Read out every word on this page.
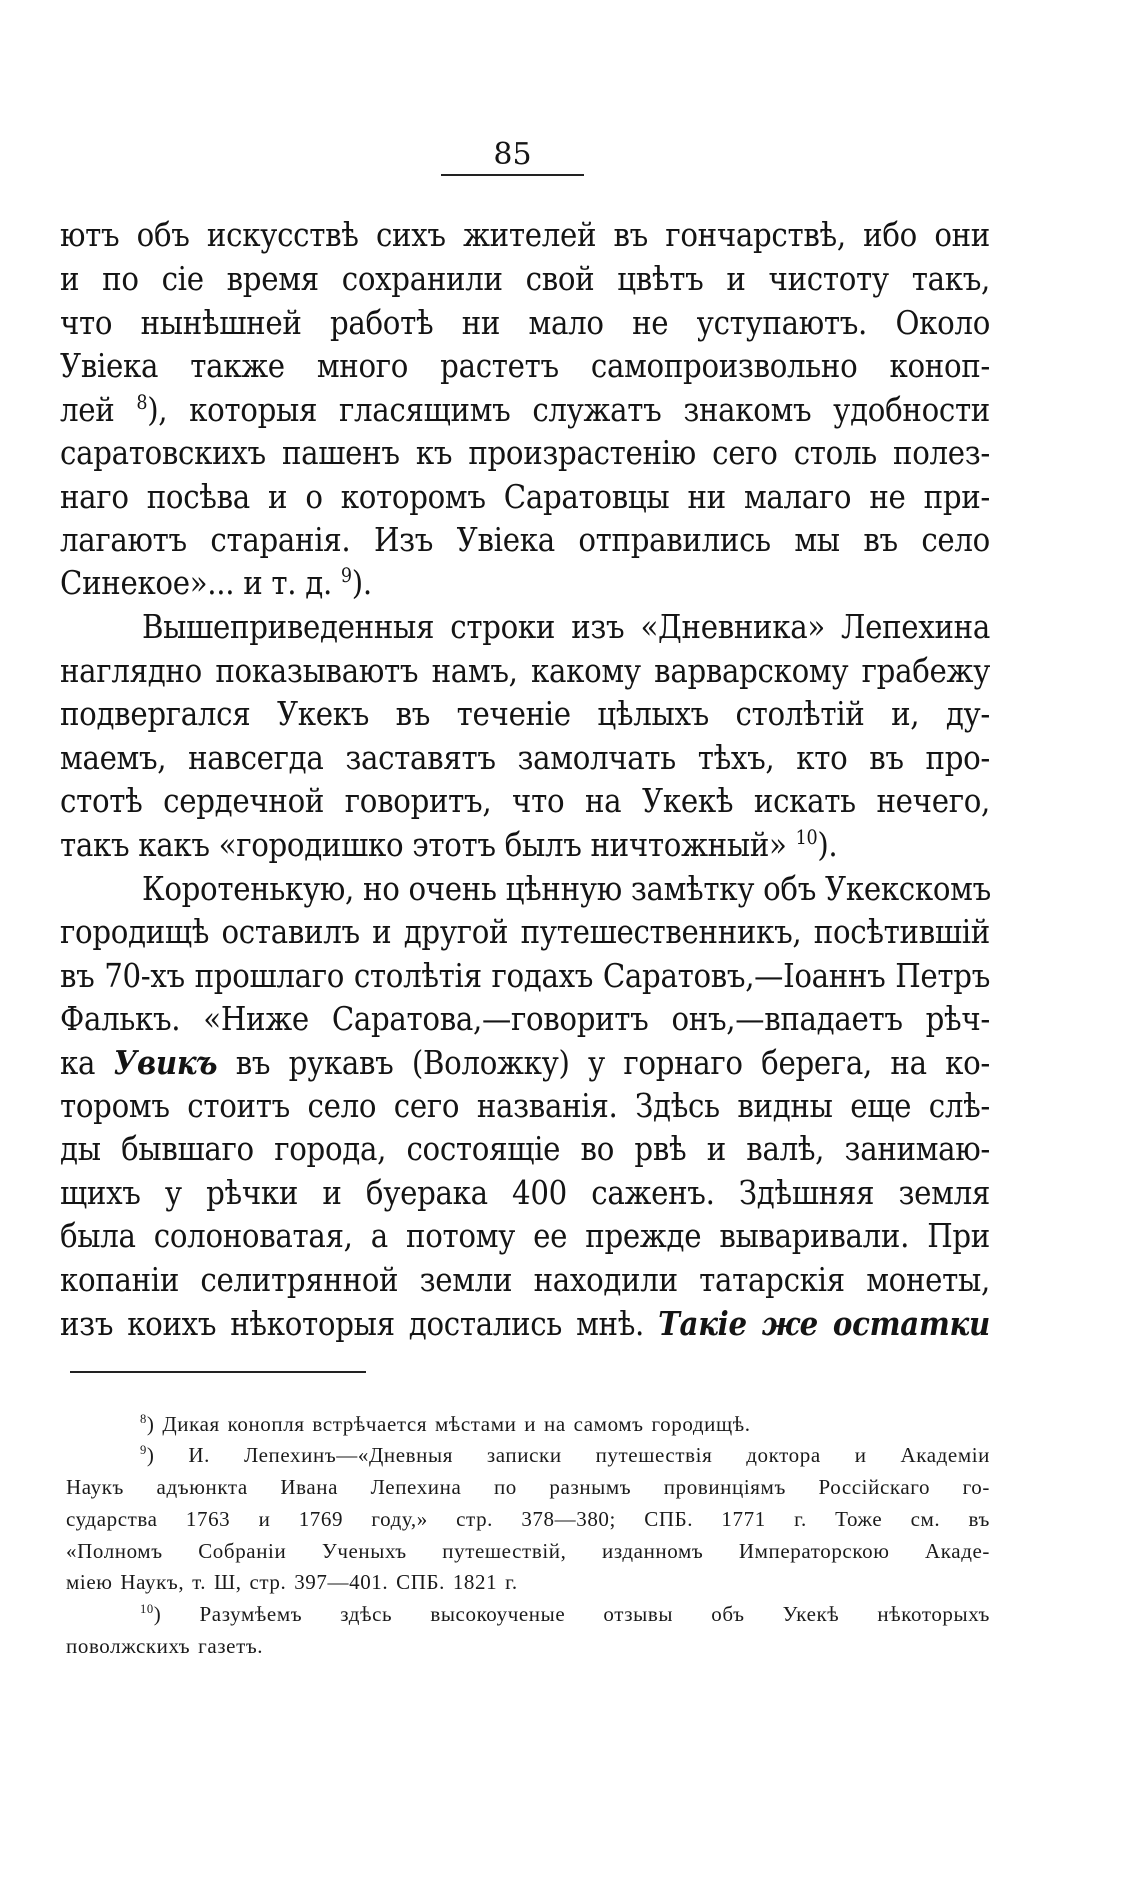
85
ютъ объ искусствѣ сихъ жителей въ гончарствѣ, ибо они
и по сіе время сохранили свой цвѣтъ и чистоту такъ,
что нынѣшней работѣ ни мало не уступаютъ. Около
Увіека также много растетъ самопроизвольно коноп-
лей $^8$), которыя гласящимъ служатъ знакомъ удобности
саратовскихъ пашенъ къ произрастенію сего столь полез-
наго посѣва и о которомъ Саратовцы ни малаго не при-
лагаютъ старанія. Изъ Увіека отправились мы въ село
Синекое»... и т. д. $^9$).
Вышеприведенныя строки изъ «Дневника» Лепехина
наглядно показываютъ намъ, какому варварскому грабежу
подвергался Укекъ въ теченіе цѣлыхъ столѣтій и, ду-
маемъ, навсегда заставятъ замолчать тѣхъ, кто въ про-
стотѣ сердечной говоритъ, что на Укекѣ искать нечего,
такъ какъ «городишко этотъ былъ ничтожный» $^{10}$).
Коротенькую, но очень цѣнную замѣтку объ Укекскомъ
городищѣ оставилъ и другой путешественникъ, посѣтившій
въ 70-хъ прошлаго столѣтія годахъ Саратовъ,—Іоаннъ Петръ
Фалькъ. «Ниже Саратова,—говоритъ онъ,—впадаетъ рѣч-
ка Увикъ въ рукавъ (Воложку) у горнаго берега, на ко-
торомъ стоитъ село сего названія. Здѣсь видны еще слѣ-
ды бывшаго города, состоящіе во рвѣ и валѣ, занимаю-
щихъ у рѣчки и буерака 400 саженъ. Здѣшняя земля
была солоноватая, а потому ее прежде вываривали. При
копаніи селитрянной земли находили татарскія монеты,
изъ коихъ нѣкоторыя достались мнѣ. Такіе же остатки
$^8$) Дикая конопля встрѣчается мѣстами и на самомъ городищѣ.
$^9$) И. Лепехинъ—«Дневныя записки путешествія доктора и Академіи
Наукъ адъюнкта Ивана Лепехина по разнымъ провинціямъ Россійскаго го-
сударства 1763 и 1769 году,» стр. 378—380; СПБ. 1771 г. Тоже см. въ
«Полномъ Собраніи Ученыхъ путешествій, изданномъ Императорскою Акаде-
міею Наукъ, т. Ш, стр. 397—401. СПБ. 1821 г.
$^{10}$) Разумѣемъ здѣсь высокоученые отзывы объ Укекѣ нѣкоторыхъ
поволжскихъ газетъ.
